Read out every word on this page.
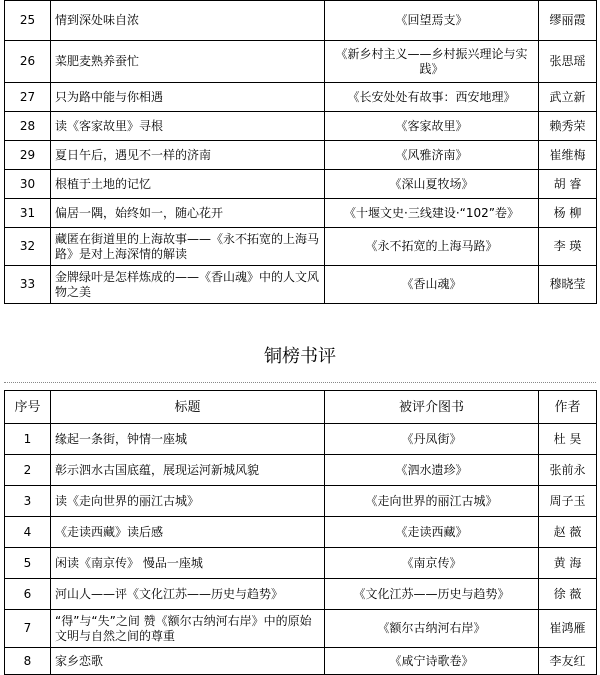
25	情到深处味自浓	《回望焉支》	缪丽霞
26	菜肥麦熟养蚕忙	《新乡村主义——乡村振兴理论与实践》	张思瑶
27	只为路中能与你相遇	《长安处处有故事：西安地理》	武立新
28	读《客家故里》寻根	《客家故里》	赖秀荣
29	夏日午后，遇见不一样的济南	《风雅济南》	崔维梅
30	根植于土地的记忆	《深山夏牧场》	胡 睿
31	偏居一隅，始终如一，随心花开	《十堰文史·三线建设·“102”卷》	杨 柳
32	藏匿在街道里的上海故事——《永不拓宽的上海马路》是对上海深情的解读	《永不拓宽的上海马路》	李 瑛
33	金牌绿叶是怎样炼成的——《香山魂》中的人文风物之美	《香山魂》	穆晓莹
铜榜书评
序号	标题	被评介图书	作者
1	缘起一条街，钟情一座城	《丹凤街》	杜 昊
2	彰示泗水古国底蕴，展现运河新城风貌	《泗水遗珍》	张前永
3	读《走向世界的丽江古城》	《走向世界的丽江古城》	周子玉
4	《走读西藏》读后感	《走读西藏》	赵 薇
5	闲读《南京传》 慢品一座城	《南京传》	黄 海
6	河山人——评《文化江苏——历史与趋势》	《文化江苏——历史与趋势》	徐 薇
7	“得”与“失”之间 赞《额尔古纳河右岸》中的原始文明与自然之间的尊重	《额尔古纳河右岸》	崔鸿雁
8	家乡恋歌	《咸宁诗歌卷》	李友红
